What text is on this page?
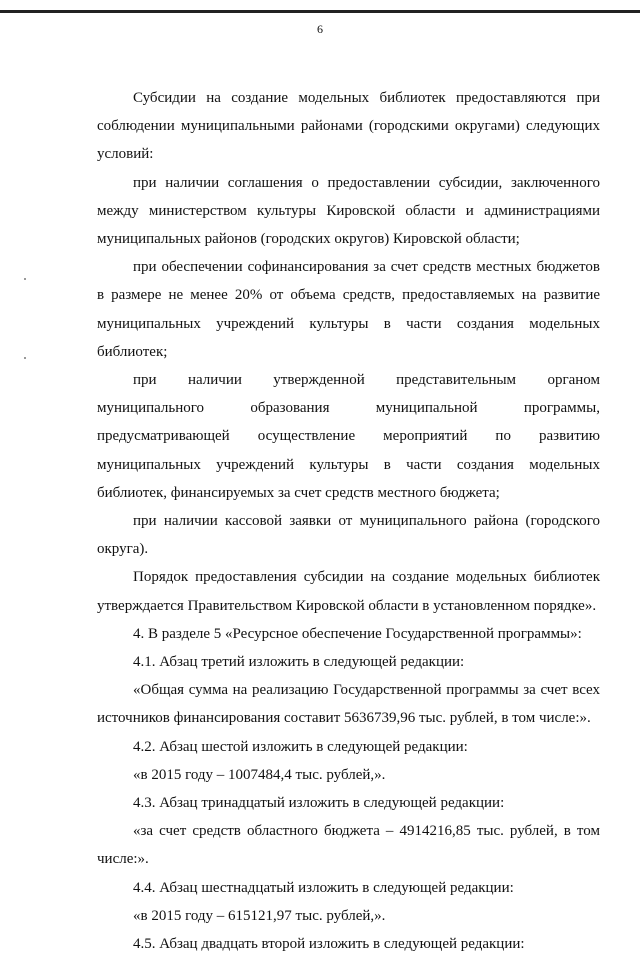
6

Субсидии на создание модельных библиотек предоставляются при соблюдении муниципальными районами (городскими округами) следующих условий:

при наличии соглашения о предоставлении субсидии, заключенного между министерством культуры Кировской области и администрациями муниципальных районов (городских округов) Кировской области;

при обеспечении софинансирования за счет средств местных бюджетов в размере не менее 20% от объема средств, предоставляемых на развитие муниципальных учреждений культуры в части создания модельных библиотек;

при наличии утвержденной представительным органом муниципального образования муниципальной программы, предусматривающей осуществление мероприятий по развитию муниципальных учреждений культуры в части создания модельных библиотек, финансируемых за счет средств местного бюджета;

при наличии кассовой заявки от муниципального района (городского округа).

Порядок предоставления субсидии на создание модельных библиотек утверждается Правительством Кировской области в установленном порядке».

4. В разделе 5 «Ресурсное обеспечение Государственной программы»:

4.1. Абзац третий изложить в следующей редакции:

«Общая сумма на реализацию Государственной программы за счет всех источников финансирования составит 5636739,96 тыс. рублей, в том числе:».

4.2. Абзац шестой изложить в следующей редакции:

«в 2015 году – 1007484,4 тыс. рублей,».

4.3. Абзац тринадцатый изложить в следующей редакции:

«за счет средств областного бюджета – 4914216,85 тыс. рублей, в том числе:».

4.4. Абзац шестнадцатый изложить в следующей редакции:

«в 2015 году – 615121,97 тыс. рублей,».

4.5. Абзац двадцать второй изложить в следующей редакции:
